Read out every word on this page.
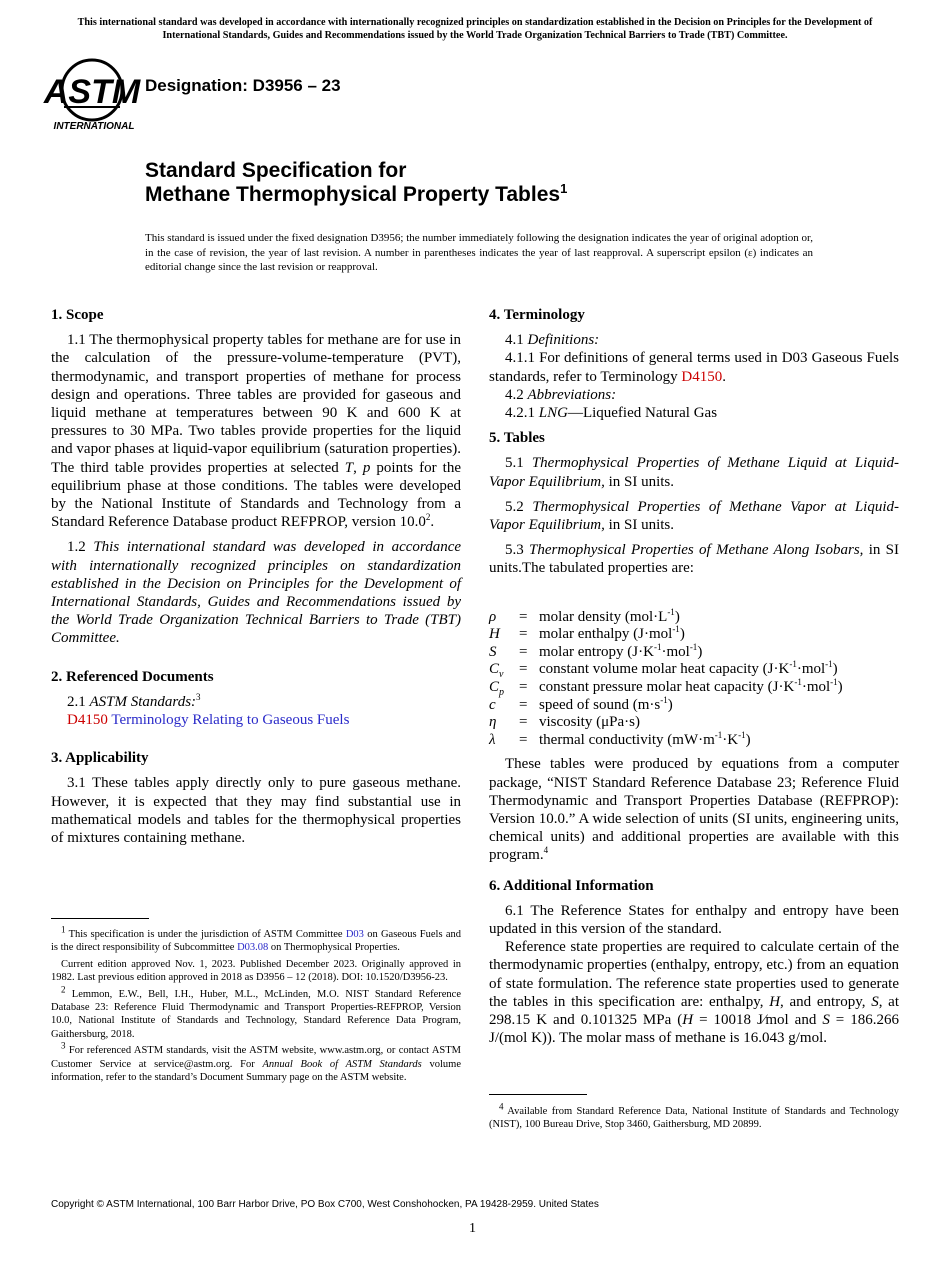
This international standard was developed in accordance with internationally recognized principles on standardization established in the Decision on Principles for the Development of International Standards, Guides and Recommendations issued by the World Trade Organization Technical Barriers to Trade (TBT) Committee.
ASTM
INTERNATIONAL
Designation: D3956 – 23
Standard Specification for
Methane Thermophysical Property Tables$^1$
This standard is issued under the fixed designation D3956; the number immediately following the designation indicates the year of original adoption or, in the case of revision, the year of last revision. A number in parentheses indicates the year of last reapproval. A superscript epsilon (ε) indicates an editorial change since the last revision or reapproval.

1. Scope

1.1 The thermophysical property tables for methane are for use in the calculation of the pressure-volume-temperature (PVT), thermodynamic, and transport properties of methane for process design and operations. Three tables are provided for gaseous and liquid methane at temperatures between 90 K and 600 K at pressures to 30 MPa. Two tables provide properties for the liquid and vapor phases at liquid-vapor equilibrium (saturation properties). The third table provides properties at selected T, p points for the equilibrium phase at those conditions. The tables were developed by the National Institute of Standards and Technology from a Standard Reference Database product REFPROP, version 10.0$^2$.

1.2 This international standard was developed in accordance with internationally recognized principles on standardization established in the Decision on Principles for the Development of International Standards, Guides and Recommendations issued by the World Trade Organization Technical Barriers to Trade (TBT) Committee.

2. Referenced Documents

2.1 ASTM Standards:$^3$

D4150 Terminology Relating to Gaseous Fuels

3. Applicability

3.1 These tables apply directly only to pure gaseous methane. However, it is expected that they may find substantial use in mathematical models and tables for the thermophysical properties of mixtures containing methane.

$^1$ This specification is under the jurisdiction of ASTM Committee D03 on Gaseous Fuels and is the direct responsibility of Subcommittee D03.08 on Thermophysical Properties.

Current edition approved Nov. 1, 2023. Published December 2023. Originally approved in 1982. Last previous edition approved in 2018 as D3956 – 12 (2018). DOI: 10.1520/D3956-23.

$^2$ Lemmon, E.W., Bell, I.H., Huber, M.L., McLinden, M.O. NIST Standard Reference Database 23: Reference Fluid Thermodynamic and Transport Properties-REFPROP, Version 10.0, National Institute of Standards and Technology, Standard Reference Data Program, Gaithersburg, 2018.

$^3$ For referenced ASTM standards, visit the ASTM website, www.astm.org, or contact ASTM Customer Service at service@astm.org. For Annual Book of ASTM Standards volume information, refer to the standard’s Document Summary page on the ASTM website.

4. Terminology

4.1 Definitions:

4.1.1 For definitions of general terms used in D03 Gaseous Fuels standards, refer to Terminology D4150.

4.2 Abbreviations:

4.2.1 LNG—Liquefied Natural Gas

5. Tables

5.1 Thermophysical Properties of Methane Liquid at Liquid-Vapor Equilibrium, in SI units.

5.2 Thermophysical Properties of Methane Vapor at Liquid-Vapor Equilibrium, in SI units.

5.3 Thermophysical Properties of Methane Along Isobars, in SI units.The tabulated properties are:

ρ	= molar density $(mol\cdot L^{-1})$
H	= molar enthalpy (J·mol$^{-1}$)
S	= molar entropy $(J\cdot K^{-1}\cdot mol^{-1})$
$C_v$	= constant volume molar heat capacity $(J\cdot K^{-1}\cdot mol^{-1})$
$C_p$ = constant pressure molar heat capacity $(J\cdot K^{-1}\cdot mol^{-1})$
c	= speed of sound $(m\cdot s^{-1})$
η	= viscosity (μPa·s)
λ	= thermal conductivity $(mW\cdot m^{-1}\cdot K^{-1})$

These tables were produced by equations from a computer package, “NIST Standard Reference Database 23; Reference Fluid Thermodynamic and Transport Properties Database (REFPROP): Version 10.0.” A wide selection of units (SI units, engineering units, chemical units) and additional properties are available with this program.$^4$

6. Additional Information

6.1 The Reference States for enthalpy and entropy have been updated in this version of the standard.

Reference state properties are required to calculate certain of the thermodynamic properties (enthalpy, entropy, etc.) from an equation of state formulation. The reference state properties used to generate the tables in this specification are: enthalpy, H, and entropy, S, at 298.15 K and 0.101325 MPa (H = 10018 J⁄mol and S = 186.266 J/(mol K)). The molar mass of methane is 16.043 g/mol.

$^4$ Available from Standard Reference Data, National Institute of Standards and Technology (NIST), 100 Bureau Drive, Stop 3460, Gaithersburg, MD 20899.

Copyright © ASTM International, 100 Barr Harbor Drive, PO Box C700, West Conshohocken, PA 19428-2959. United States
1
